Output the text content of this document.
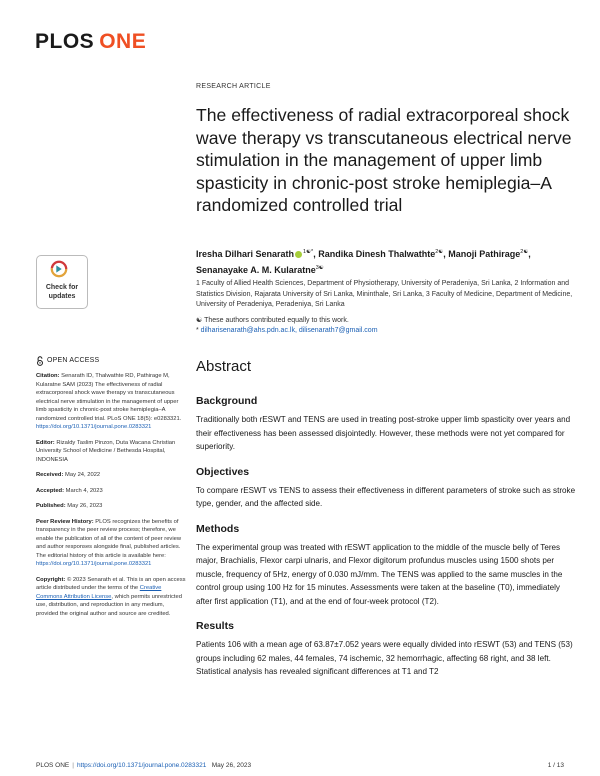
PLOS ONE
RESEARCH ARTICLE
The effectiveness of radial extracorporeal shock wave therapy vs transcutaneous electrical nerve stimulation in the management of upper limb spasticity in chronic-post stroke hemiplegia–A randomized controlled trial

Iresha Dilhari Senarath $^{1☯*}$, Randika Dinesh Thalwathte$^{2☯}$, Manoji Pathirage$^{2☯}$, Senanayake A. M. Kularatne$^{3☯}$

1 Faculty of Allied Health Sciences, Department of Physiotherapy, University of Peradeniya, Sri Lanka, 2 Information and Statistics Division, Rajarata University of Sri Lanka, Mininthale, Sri Lanka, 3 Faculty of Medicine, Department of Medicine, University of Peradeniya, Peradeniya, Sri Lanka

☯ These authors contributed equally to this work.
* dilharisenarath@ahs.pdn.ac.lk, dilisenarath7@gmail.com
Check for
updates
OPEN ACCESS
Citation: Senarath ID, Thalwathte RD, Pathirage M, Kularatne SAM (2023) The effectiveness of radial extracorporeal shock wave therapy vs transcutaneous electrical nerve stimulation in the management of upper limb spasticity in chronic-post stroke hemiplegia–A randomized controlled trial. PLoS ONE 18(5): e0283321. https://doi.org/10.1371/journal.pone.0283321
Editor: Rizaldy Taslim Pinzon, Duta Wacana Christian University School of Medicine / Bethesda Hospital, INDONESIA
Received: May 24, 2022
Accepted: March 4, 2023
Published: May 26, 2023
Peer Review History: PLOS recognizes the benefits of transparency in the peer review process; therefore, we enable the publication of all of the content of peer review and author responses alongside final, published articles. The editorial history of this article is available here: https://doi.org/10.1371/journal.pone.0283321
Copyright: © 2023 Senarath et al. This is an open access article distributed under the terms of the Creative Commons Attribution License, which permits unrestricted use, distribution, and reproduction in any medium, provided the original author and source are credited.
Abstract
Background

Traditionally both rESWT and TENS are used in treating post-stroke upper limb spasticity over years and their effectiveness has been assessed disjointedly. However, these methods were not yet compared for superiority.

Objectives

To compare rESWT vs TENS to assess their effectiveness in different parameters of stroke such as stroke type, gender, and the affected side.

Methods

The experimental group was treated with rESWT application to the middle of the muscle belly of Teres major, Brachialis, Flexor carpi ulnaris, and Flexor digitorum profundus muscles using 1500 shots per muscle, frequency of 5Hz, energy of 0.030 mJ/mm. The TENS was applied to the same muscles in the control group using 100 Hz for 15 minutes. Assessments were taken at the baseline (T0), immediately after first application (T1), and at the end of four-week protocol (T2).

Results

Patients 106 with a mean age of 63.87±7.052 years were equally divided into rESWT (53) and TENS (53) groups including 62 males, 44 females, 74 ischemic, 32 hemorrhagic, affecting 68 right, and 38 left. Statistical analysis has revealed significant differences at T1 and T2

PLOS ONE | https://doi.org/10.1371/journal.pone.0283321 May 26, 2023	1 / 13
